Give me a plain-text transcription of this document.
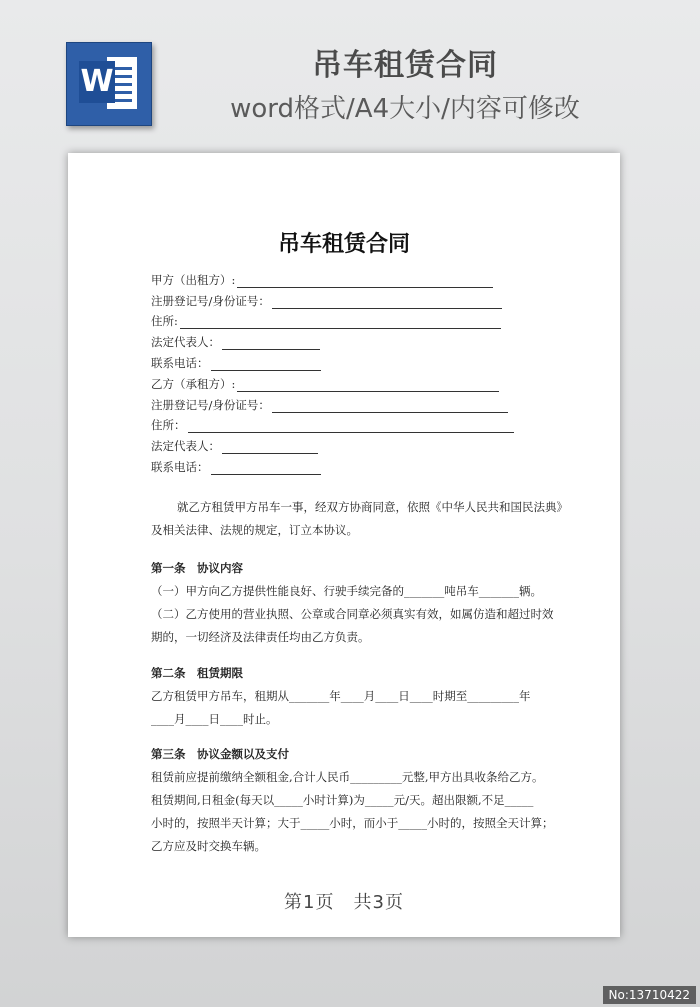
W	吊车租赁合同
word格式/A4大小/内容可修改
吊车租赁合同
甲方（出租方）:
注册登记号/身份证号：
住所:
法定代表人：
联系电话：
乙方（承租方）:
注册登记号/身份证号：
住所：
法定代表人：
联系电话：
就乙方租赁甲方吊车一事，经双方协商同意，依照《中华人民共和国民法典》
及相关法律、法规的规定，订立本协议。
第一条　协议内容
（一）甲方向乙方提供性能良好、行驶手续完备的_______吨吊车_______辆。
（二）乙方使用的营业执照、公章或合同章必须真实有效，如属仿造和超过时效
期的，一切经济及法律责任均由乙方负责。
第二条　租赁期限
乙方租赁甲方吊车，租期从_______年____月____日____时期至_________年
____月____日____时止。
第三条　协议金额以及支付
租赁前应提前缴纳全额租金,合计人民币_________元整,甲方出具收条给乙方。
租赁期间,日租金(每天以_____小时计算)为_____元/天。超出限额,不足_____
小时的，按照半天计算；大于_____小时，而小于_____小时的，按照全天计算；
乙方应及时交换车辆。
第1页　共3页
No:13710422
